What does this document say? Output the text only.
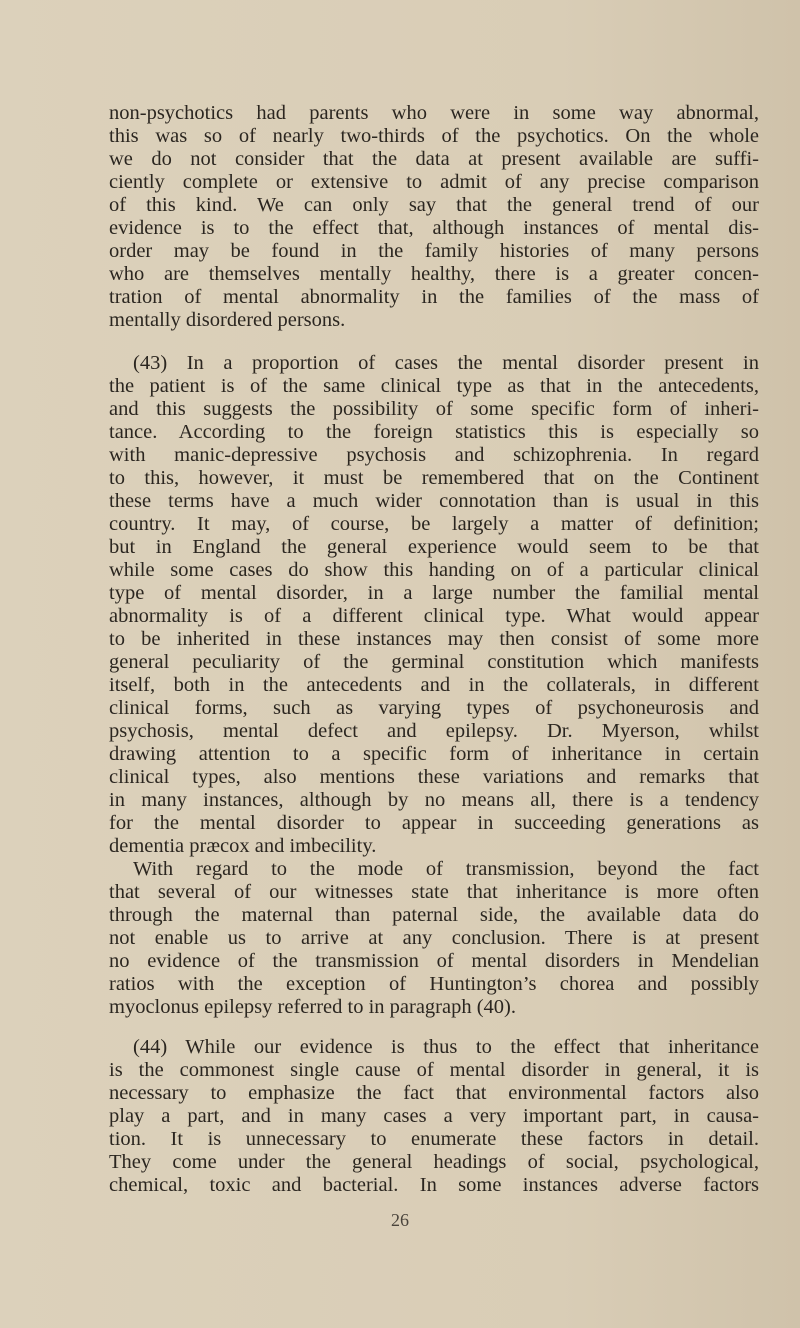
non-psychotics had parents who were in some way abnormal,
this was so of nearly two-thirds of the psychotics. On the whole
we do not consider that the data at present available are suffi-
ciently complete or extensive to admit of any precise comparison
of this kind. We can only say that the general trend of our
evidence is to the effect that, although instances of mental dis-
order may be found in the family histories of many persons
who are themselves mentally healthy, there is a greater concen-
tration of mental abnormality in the families of the mass of
mentally disordered persons.
(43) In a proportion of cases the mental disorder present in
the patient is of the same clinical type as that in the antecedents,
and this suggests the possibility of some specific form of inheri-
tance. According to the foreign statistics this is especially so
with manic-depressive psychosis and schizophrenia. In regard
to this, however, it must be remembered that on the Continent
these terms have a much wider connotation than is usual in this
country. It may, of course, be largely a matter of definition;
but in England the general experience would seem to be that
while some cases do show this handing on of a particular clinical
type of mental disorder, in a large number the familial mental
abnormality is of a different clinical type. What would appear
to be inherited in these instances may then consist of some more
general peculiarity of the germinal constitution which manifests
itself, both in the antecedents and in the collaterals, in different
clinical forms, such as varying types of psychoneurosis and
psychosis, mental defect and epilepsy. Dr. Myerson, whilst
drawing attention to a specific form of inheritance in certain
clinical types, also mentions these variations and remarks that
in many instances, although by no means all, there is a tendency
for the mental disorder to appear in succeeding generations as
dementia præcox and imbecility.
With regard to the mode of transmission, beyond the fact
that several of our witnesses state that inheritance is more often
through the maternal than paternal side, the available data do
not enable us to arrive at any conclusion. There is at present
no evidence of the transmission of mental disorders in Mendelian
ratios with the exception of Huntington’s chorea and possibly
myoclonus epilepsy referred to in paragraph (40).
(44) While our evidence is thus to the effect that inheritance
is the commonest single cause of mental disorder in general, it is
necessary to emphasize the fact that environmental factors also
play a part, and in many cases a very important part, in causa-
tion. It is unnecessary to enumerate these factors in detail.
They come under the general headings of social, psychological,
chemical, toxic and bacterial. In some instances adverse factors
26
